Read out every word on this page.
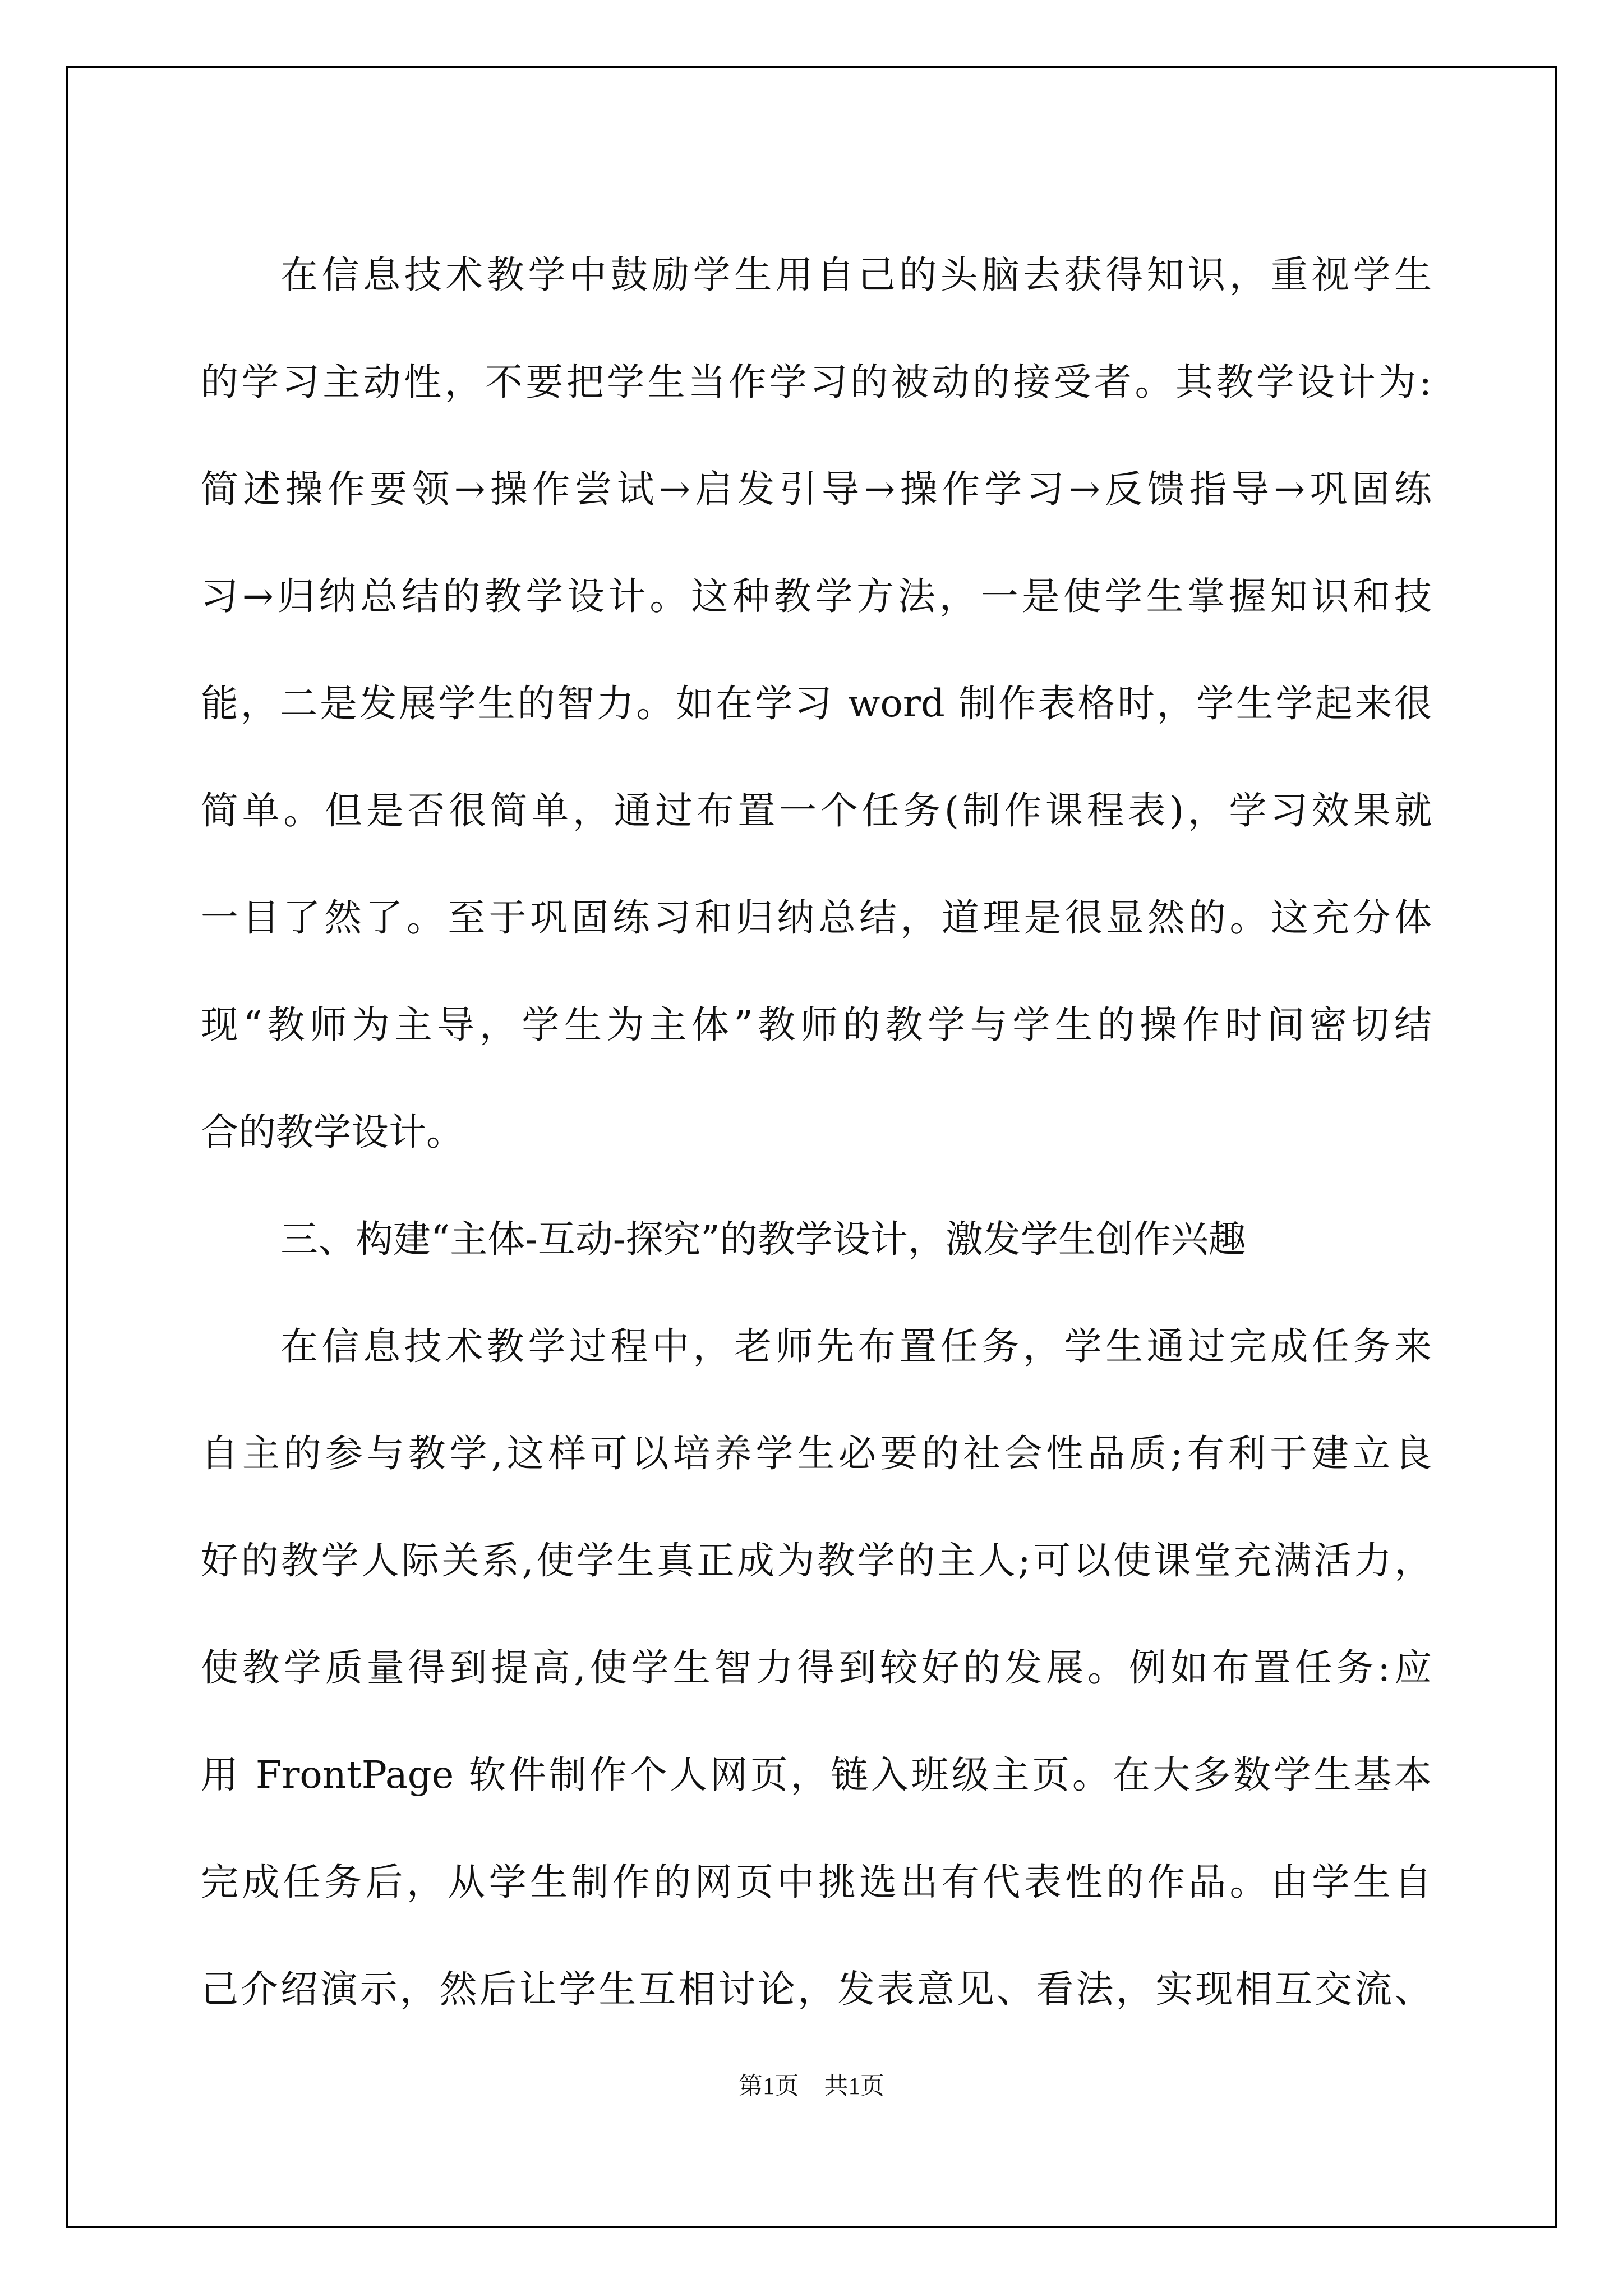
在信息技术教学中鼓励学生用自己的头脑去获得知识，重视学生
的学习主动性，不要把学生当作学习的被动的接受者。其教学设计为:
简述操作要领→操作尝试→启发引导→操作学习→反馈指导→巩固练
习→归纳总结的教学设计。这种教学方法，一是使学生掌握知识和技
能，二是发展学生的智力。如在学习 word 制作表格时，学生学起来很
简单。但是否很简单，通过布置一个任务(制作课程表)，学习效果就
一目了然了。至于巩固练习和归纳总结，道理是很显然的。这充分体
现“教师为主导，学生为主体”教师的教学与学生的操作时间密切结
合的教学设计。
三、构建“主体-互动-探究”的教学设计，激发学生创作兴趣
在信息技术教学过程中，老师先布置任务，学生通过完成任务来
自主的参与教学,这样可以培养学生必要的社会性品质;有利于建立良
好的教学人际关系,使学生真正成为教学的主人;可以使课堂充满活力，
使教学质量得到提高,使学生智力得到较好的发展。例如布置任务:应
用 FrontPage 软件制作个人网页，链入班级主页。在大多数学生基本
完成任务后，从学生制作的网页中挑选出有代表性的作品。由学生自
己介绍演示，然后让学生互相讨论，发表意见、看法，实现相互交流、
第1页 共1页
